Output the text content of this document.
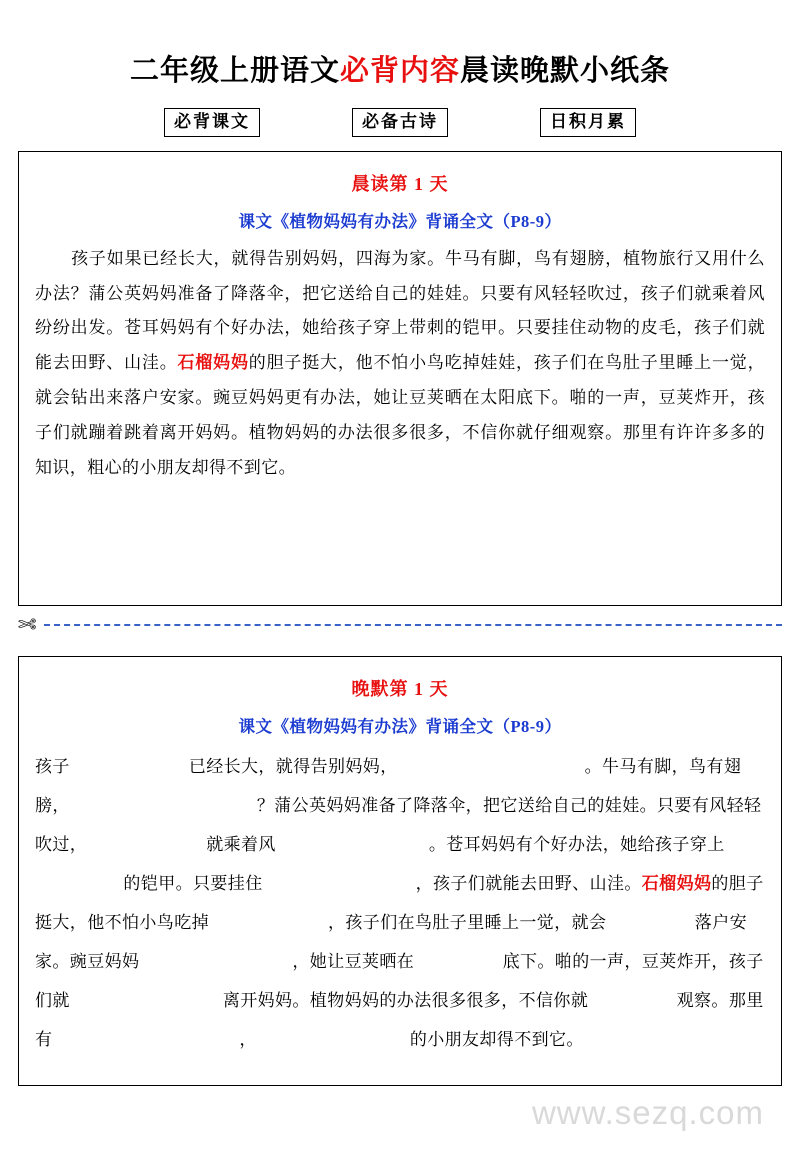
二年级上册语文必背内容晨读晚默小纸条
必背课文	必备古诗	日积月累
晨读第 1 天
课文《植物妈妈有办法》背诵全文（P8-9）
孩子如果已经长大，就得告别妈妈，四海为家。牛马有脚，鸟有翅膀，植物旅行又用什么办法？蒲公英妈妈准备了降落伞，把它送给自己的娃娃。只要有风轻轻吹过，孩子们就乘着风纷纷出发。苍耳妈妈有个好办法，她给孩子穿上带刺的铠甲。只要挂住动物的皮毛，孩子们就能去田野、山洼。石榴妈妈的胆子挺大，他不怕小鸟吃掉娃娃，孩子们在鸟肚子里睡上一觉，就会钻出来落户安家。豌豆妈妈更有办法，她让豆荚晒在太阳底下。啪的一声，豆荚炸开，孩子们就蹦着跳着离开妈妈。植物妈妈的办法很多很多，不信你就仔细观察。那里有许许多多的知识，粗心的小朋友却得不到它。
✄
晚默第 1 天
课文《植物妈妈有办法》背诵全文（P8-9）
孩子	已经长大，就得告别妈妈，	。牛马有脚，鸟有翅膀，	？蒲公英妈妈准备了降落伞，把它送给自己的娃娃。只要有风轻轻吹过，	就乘着风	。苍耳妈妈有个好办法，她给孩子穿上的铠甲。只要挂住	，孩子们就能去田野、山洼。石榴妈妈的胆子挺大，他不怕小鸟吃掉	，孩子们在鸟肚子里睡上一觉，就会	落户安家。豌豆妈妈	，她让豆荚晒在	底下。啪的一声，豆荚炸开，孩子们就	离开妈妈。植物妈妈的办法很多很多，不信你就	观察。那里有	，	的小朋友却得不到它。
www.sezq.com
